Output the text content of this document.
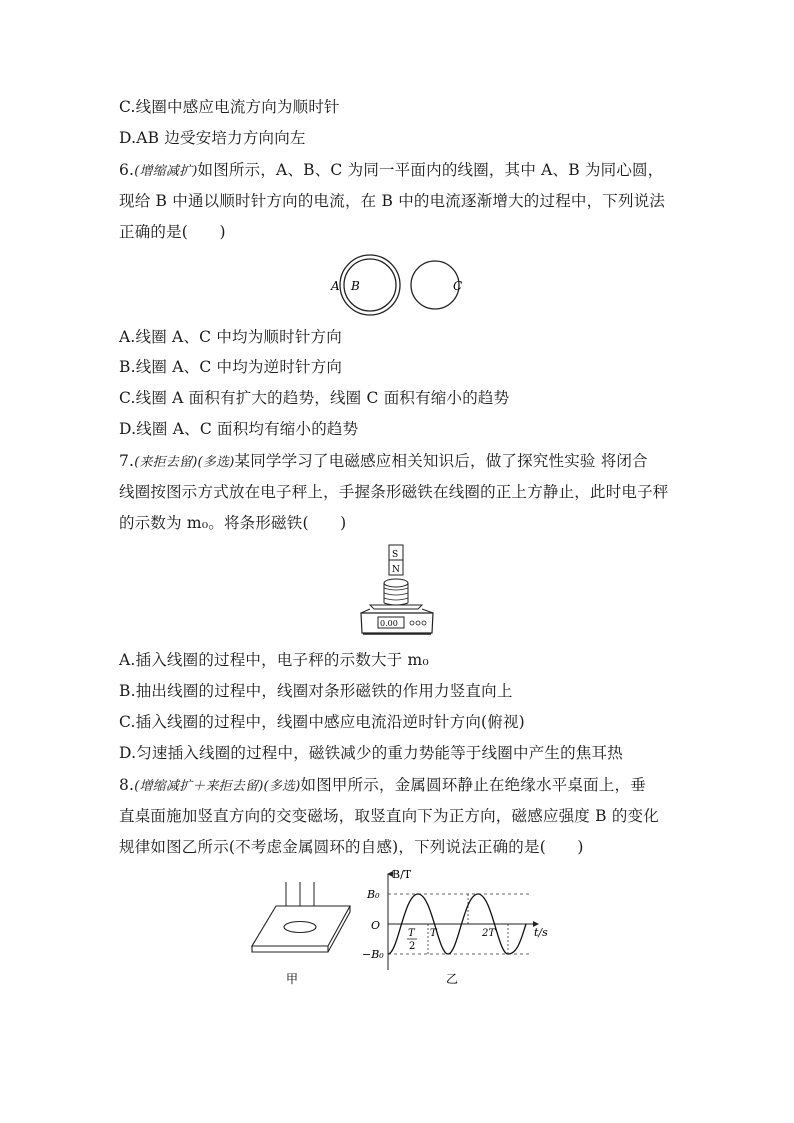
C.线圈中感应电流方向为顺时针
D.AB 边受安培力方向向左
6.(增缩减扩)如图所示，A、B、C 为同一平面内的线圈，其中 A、B 为同心圆，
现给 B 中通以顺时针方向的电流，在 B 中的电流逐渐增大的过程中，下列说法
正确的是(　　)
A B	C
A.线圈 A、C 中均为顺时针方向
B.线圈 A、C 中均为逆时针方向
C.线圈 A 面积有扩大的趋势，线圈 C 面积有缩小的趋势
D.线圈 A、C 面积均有缩小的趋势
7.(来拒去留)(多选)某同学学习了电磁感应相关知识后，做了探究性实验 将闭合
线圈按图示方式放在电子秤上，手握条形磁铁在线圈的正上方静止，此时电子秤
的示数为 m₀。将条形磁铁(　　)
S
N
0.00
A.插入线圈的过程中，电子秤的示数大于 m₀
B.抽出线圈的过程中，线圈对条形磁铁的作用力竖直向上
C.插入线圈的过程中，线圈中感应电流沿逆时针方向(俯视)
D.匀速插入线圈的过程中，磁铁减少的重力势能等于线圈中产生的焦耳热
8.(增缩减扩＋来拒去留)(多选)如图甲所示，金属圆环静止在绝缘水平桌面上，垂
直桌面施加竖直方向的交变磁场，取竖直向下为正方向，磁感应强度 B 的变化
规律如图乙所示(不考虑金属圆环的自感)，下列说法正确的是(　　)
甲
B/T
t/s
O
B₀
−B₀
T
2
T	2T
乙
